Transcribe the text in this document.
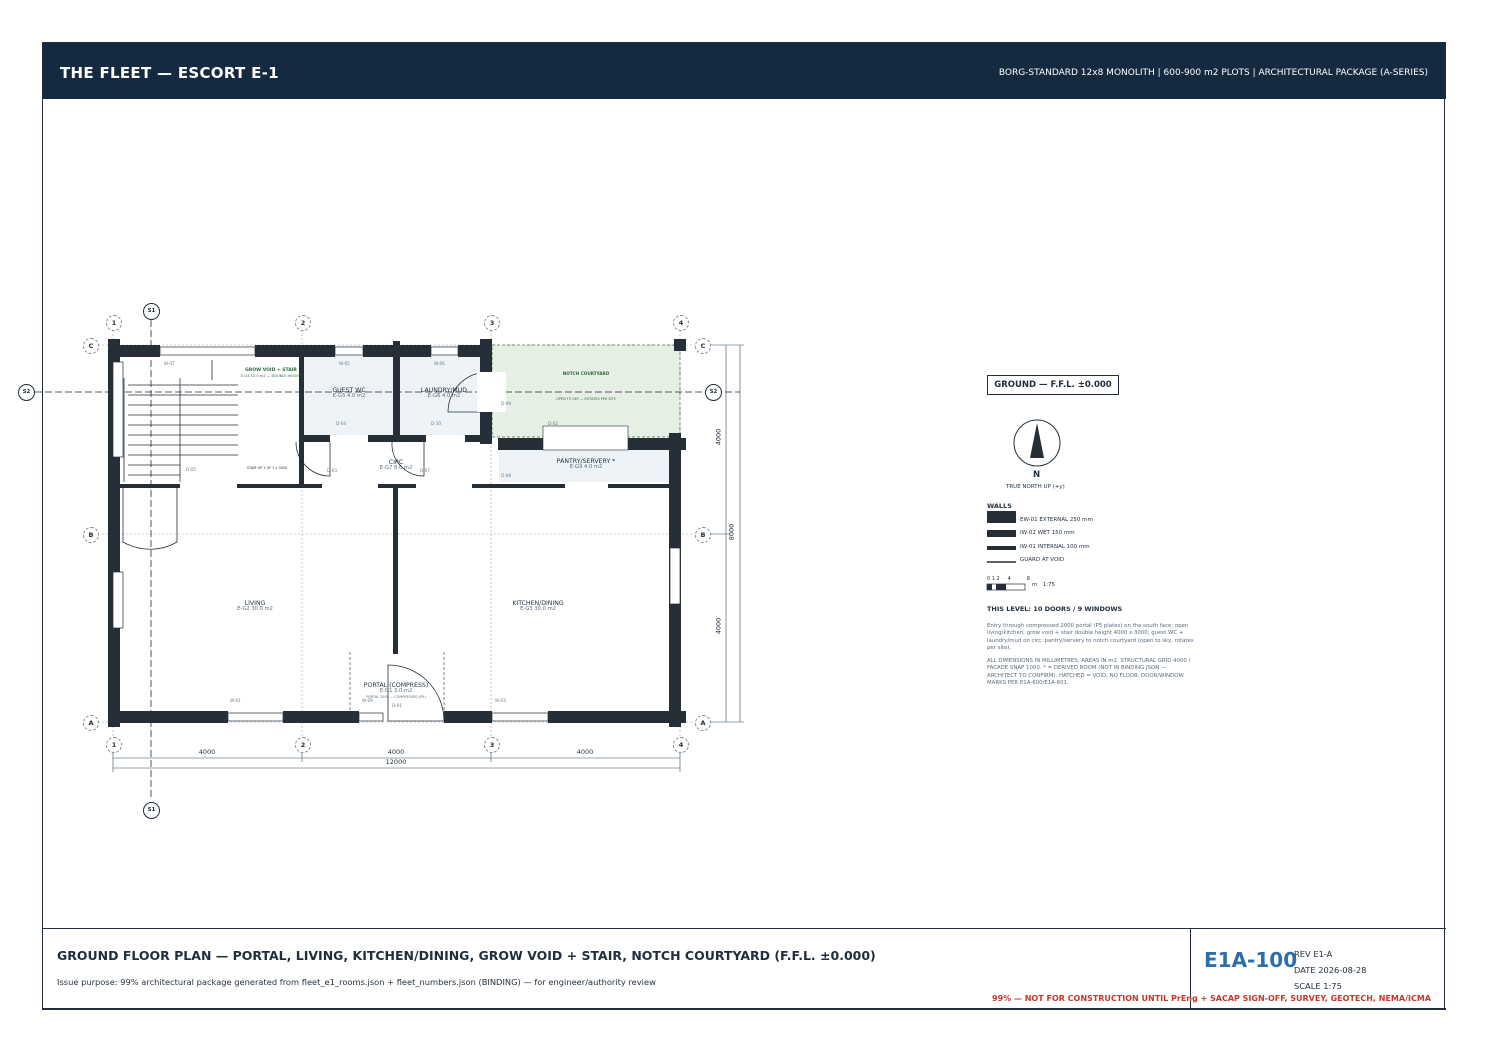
THE FLEET — ESCORT E-1	BORG-STANDARD 12x8 MONOLITH | 600-900 m2 PLOTS | ARCHITECTURAL PACKAGE (A-SERIES)
1	2	3	4
1	2	3	4
C
B
A
C
B
A
S1
S1
S2	S2
GROW VOID + STAIR
E-G4 12.0 m2 — DOUBLE HEIGHT
GUEST WC
E-G5 4.0 m2
LAUNDRY/MUD
E-G6 4.0 m2
NOTCH COURTYARD
OPEN TO SKY — ROTATES PER SITE
PANTRY/SERVERY *
E-G9 4.0 m2
CIRC
E-G7 8.0 m2
LIVING
E-G2 30.0 m2
KITCHEN/DINING
E-G3 30.0 m2
PORTAL (COMPRESS)
E-G1 3.0 m2
STAIR UP 1 OF 1 x 3000
PORTAL 2000 — COMPRESSED (P5)
W-07	W-05	W-06
D-04	D-10	D-02
D-05	D-03	D-07
D-08
D-09
D-01
W-01	W-03
W-09
4000	4000	4000
12000
4000
4000
8000
GROUND — F.F.L. ±0.000
N
TRUE NORTH UP (+y)
WALLS
EW-01 EXTERNAL 250 mm
IW-02 WET 150 mm
IW-01 INTERNAL 100 mm
GUARD AT VOID
0 1 2     4          8
m   1:75
THIS LEVEL: 10 DOORS / 9 WINDOWS
Entry through compressed 2000 portal (P5 plates) on the south face; open living/kitchen; grow void + stair double height 4000 x 3000; guest WC + laundry/mud on circ; pantry/servery to notch courtyard (open to sky, rotates per site).
ALL DIMENSIONS IN MILLIMETRES; AREAS IN m2. STRUCTURAL GRID 4000 / FACADE SNAP 1000. * = DERIVED ROOM (NOT IN BINDING JSON — ARCHITECT TO CONFIRM). HATCHED = VOID, NO FLOOR. DOOR/WINDOW MARKS PER E1A-600/E1A-601.
GROUND FLOOR PLAN — PORTAL, LIVING, KITCHEN/DINING, GROW VOID + STAIR, NOTCH COURTYARD (F.F.L. ±0.000)
Issue purpose: 99% architectural package generated from fleet_e1_rooms.json + fleet_numbers.json (BINDING) — for engineer/authority review
E1A-100
REV E1-A
DATE 2026-08-28
SCALE 1:75
99% — NOT FOR CONSTRUCTION UNTIL PrEng + SACAP SIGN-OFF, SURVEY, GEOTECH, NEMA/ICMA
